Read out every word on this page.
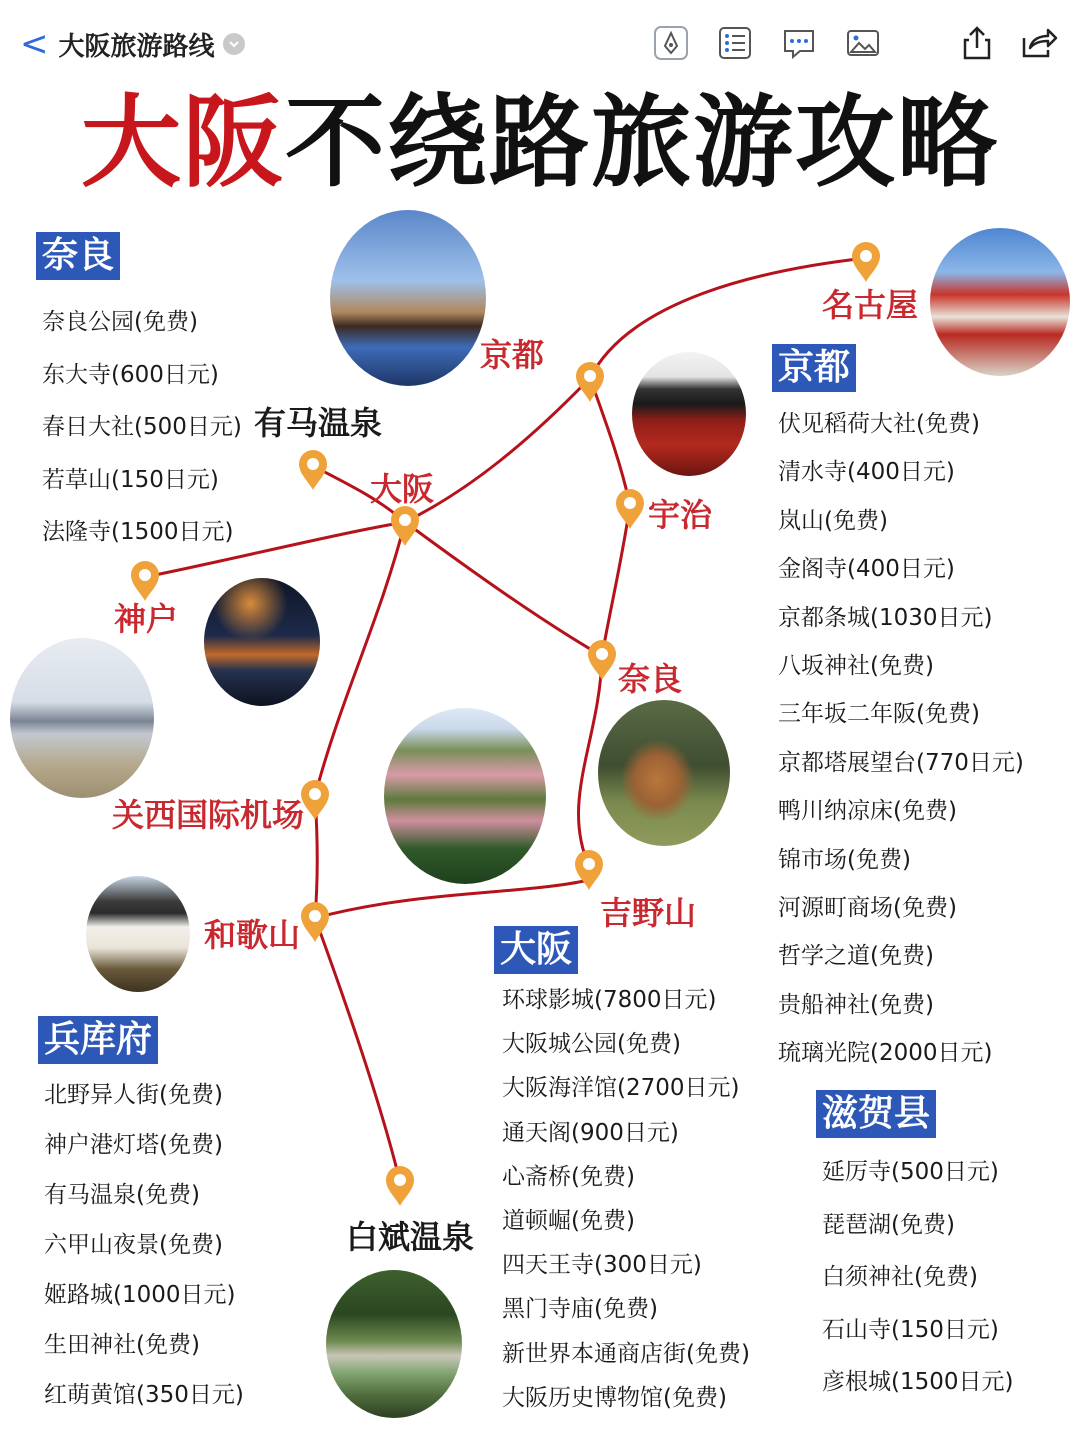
< 大阪旅游路线
大阪不绕路旅游攻略
名古屋
京都
有马温泉
大阪
宇治
神户
奈良
关西国际机场
吉野山
和歌山
白斌温泉
奈良
奈良公园(免费)
东大寺(600日元)
春日大社(500日元)
若草山(150日元)
法隆寺(1500日元)
京都
伏见稻荷大社(免费)
清水寺(400日元)
岚山(免费)
金阁寺(400日元)
京都条城(1030日元)
八坂神社(免费)
三年坂二年阪(免费)
京都塔展望台(770日元)
鸭川纳凉床(免费)
锦市场(免费)
河源町商场(免费)
哲学之道(免费)
贵船神社(免费)
琉璃光院(2000日元)
兵库府
北野异人街(免费)
神户港灯塔(免费)
有马温泉(免费)
六甲山夜景(免费)
姬路城(1000日元)
生田神社(免费)
红萌黄馆(350日元)
大阪
环球影城(7800日元)
大阪城公园(免费)
大阪海洋馆(2700日元)
通天阁(900日元)
心斋桥(免费)
道顿崛(免费)
四天王寺(300日元)
黑门寺庙(免费)
新世界本通商店街(免费)
大阪历史博物馆(免费)
滋贺县
延厉寺(500日元)
琵琶湖(免费)
白须神社(免费)
石山寺(150日元)
彦根城(1500日元)
